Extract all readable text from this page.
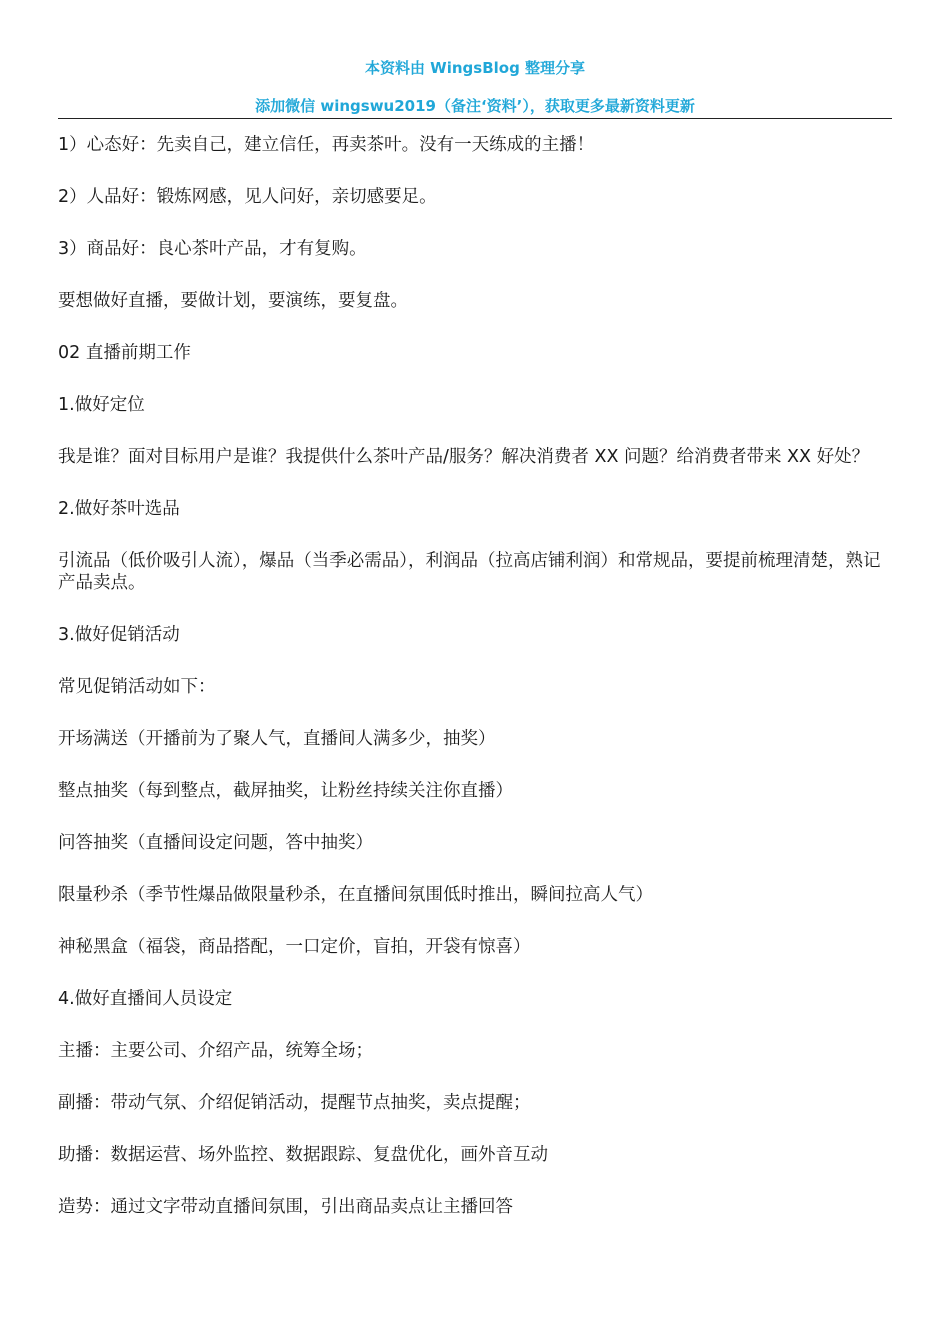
本资料由 WingsBlog 整理分享
添加微信 wingswu2019（备注‘资料’），获取更多最新资料更新

1）心态好：先卖自己，建立信任，再卖茶叶。没有一天练成的主播！

2）人品好：锻炼网感，见人问好，亲切感要足。

3）商品好：良心茶叶产品，才有复购。

要想做好直播，要做计划，要演练，要复盘。

02 直播前期工作

1.做好定位

我是谁？面对目标用户是谁？我提供什么茶叶产品/服务？解决消费者 XX 问题？给消费者带来 XX 好处？

2.做好茶叶选品

引流品（低价吸引人流），爆品（当季必需品），利润品（拉高店铺利润）和常规品，要提前梳理清楚，熟记产品卖点。

3.做好促销活动

常见促销活动如下：

开场满送（开播前为了聚人气，直播间人满多少，抽奖）

整点抽奖（每到整点，截屏抽奖，让粉丝持续关注你直播）

问答抽奖（直播间设定问题，答中抽奖）

限量秒杀（季节性爆品做限量秒杀，在直播间氛围低时推出，瞬间拉高人气）

神秘黑盒（福袋，商品搭配，一口定价，盲拍，开袋有惊喜）

4.做好直播间人员设定

主播：主要公司、介绍产品，统筹全场；

副播：带动气氛、介绍促销活动，提醒节点抽奖，卖点提醒；

助播：数据运营、场外监控、数据跟踪、复盘优化，画外音互动

造势：通过文字带动直播间氛围，引出商品卖点让主播回答
